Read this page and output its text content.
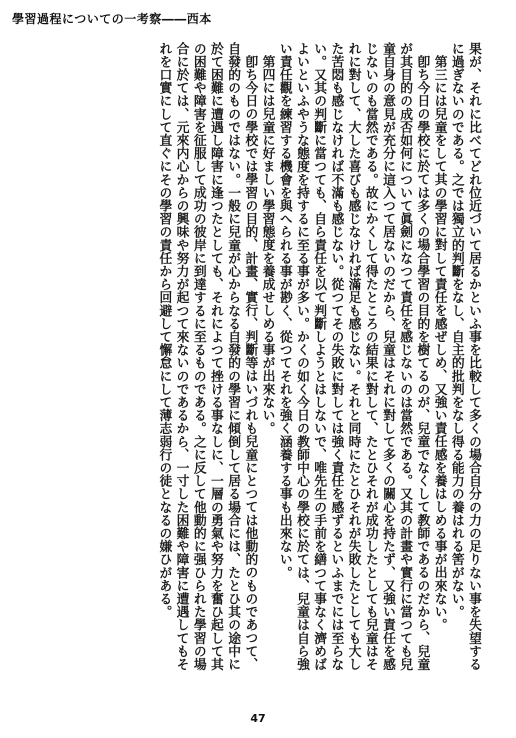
學習過程についての一考察――西本

果が、それに比べてどれ位近づいて居るかといふ事を比較して多くの場合自分の力の足りない事を失望するに過ぎないのである。之では獨立的判斷をなし、自主的批判をなし得る能力の養はれる筈がない。

第三には兒童をして其の學習に對して責任を感ぜしめ、又強い責任感を養はしめる事が出來ない。

卽ち今日の學校に於ては多くの場合學習の目的を樹てるのが、兒童でなくして教師であるのだから、兒童が其目的の成否如何について眞劍になつて責任を感じないのは當然である。又其の計畫や實行に當つても兒童自身の意見が充分に這入つて居ないのだから、兒童はそれに對して多くの關心を持たず、又強い責任を感じないのも當然である。故にかくして得たところの結果に對して、たとひそれが成功したとしても兒童はそれに對して、大した喜びも感じなければ滿足も感じない。それと同時にたとひそれが失敗したとしても大した苦悶も感じなければ不滿も感じない。從つてその失敗に對しては強く責任を感ずるといふまでには至らない。又其の判斷に當つても、自ら責任を以て判斷しようとはしないで、唯先生の手前を繕つて事なく濟めばよいといふやうな態度を持するに至る事が多い。かくの如く今日の教師中心の學校に於ては、兒童は自ら強い責任觀を練習する機會を與へられる事が尠く、從つてそれを強く涵養する事も出來ない。

第四には兒童に好ましい學習態度を養成せしめる事が出來ない。

卽ち今日の學校では學習の目的、計畫、實行、判斷等はいづれも兒童にとつては他動的のものであつて、自發的のものではない。一般に兒童が心からなる自發的の學習に傾倒して居る場合には、たとひ其の途中に於て困難に遭遇し障害に逢つたとしても、それによつて挫ける事なしに、一層の勇氣や努力を奮ひ起して其の困難や障害を征服して成功の彼岸に到達するに至るものである。之に反して他動的に强ひられた學習の場合に於ては、元來内心からの興味や努力が起つて來ないのであるから、一寸した困難や障害に遭遇してもそれを口實にして直ぐにその學習の責任から回避して懈怠にして薄志弱行の徒となるの嫌ひがある。

47
